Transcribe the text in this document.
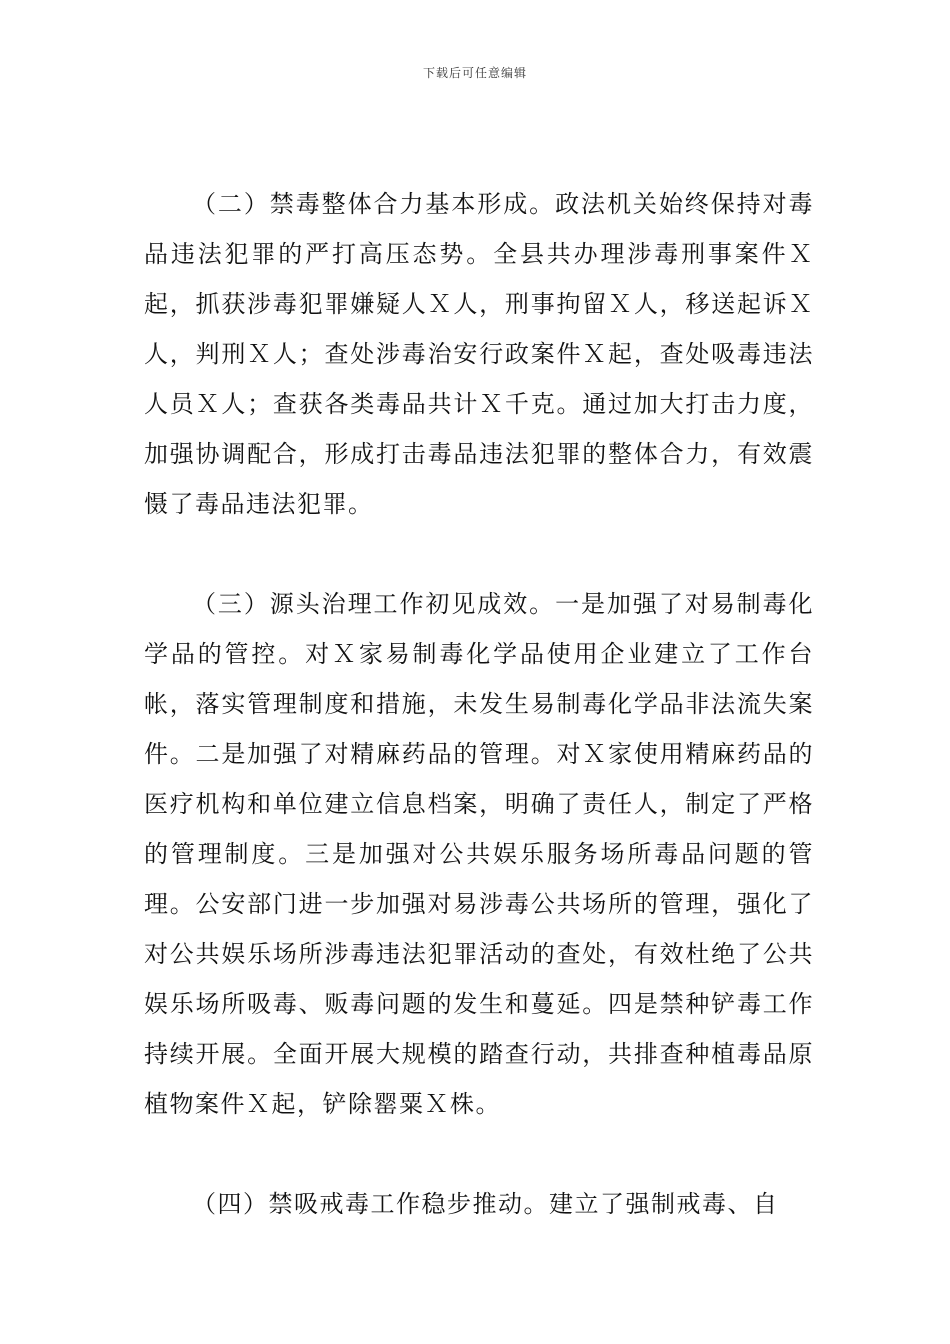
下载后可任意编辑

（二）禁毒整体合力基本形成。政法机关始终保持对毒品违法犯罪的严打高压态势。全县共办理涉毒刑事案件Ｘ起，抓获涉毒犯罪嫌疑人Ｘ人，刑事拘留Ｘ人，移送起诉Ｘ人，判刑Ｘ人；查处涉毒治安行政案件Ｘ起，查处吸毒违法人员Ｘ人；查获各类毒品共计Ｘ千克。通过加大打击力度，加强协调配合，形成打击毒品违法犯罪的整体合力，有效震慑了毒品违法犯罪。

（三）源头治理工作初见成效。一是加强了对易制毒化学品的管控。对Ｘ家易制毒化学品使用企业建立了工作台帐，落实管理制度和措施，未发生易制毒化学品非法流失案件。二是加强了对精麻药品的管理。对Ｘ家使用精麻药品的医疗机构和单位建立信息档案，明确了责任人，制定了严格的管理制度。三是加强对公共娱乐服务场所毒品问题的管理。公安部门进一步加强对易涉毒公共场所的管理，强化了对公共娱乐场所涉毒违法犯罪活动的查处，有效杜绝了公共娱乐场所吸毒、贩毒问题的发生和蔓延。四是禁种铲毒工作持续开展。全面开展大规模的踏查行动，共排查种植毒品原植物案件Ｘ起，铲除罂粟Ｘ株。

（四）禁吸戒毒工作稳步推动。建立了强制戒毒、自
